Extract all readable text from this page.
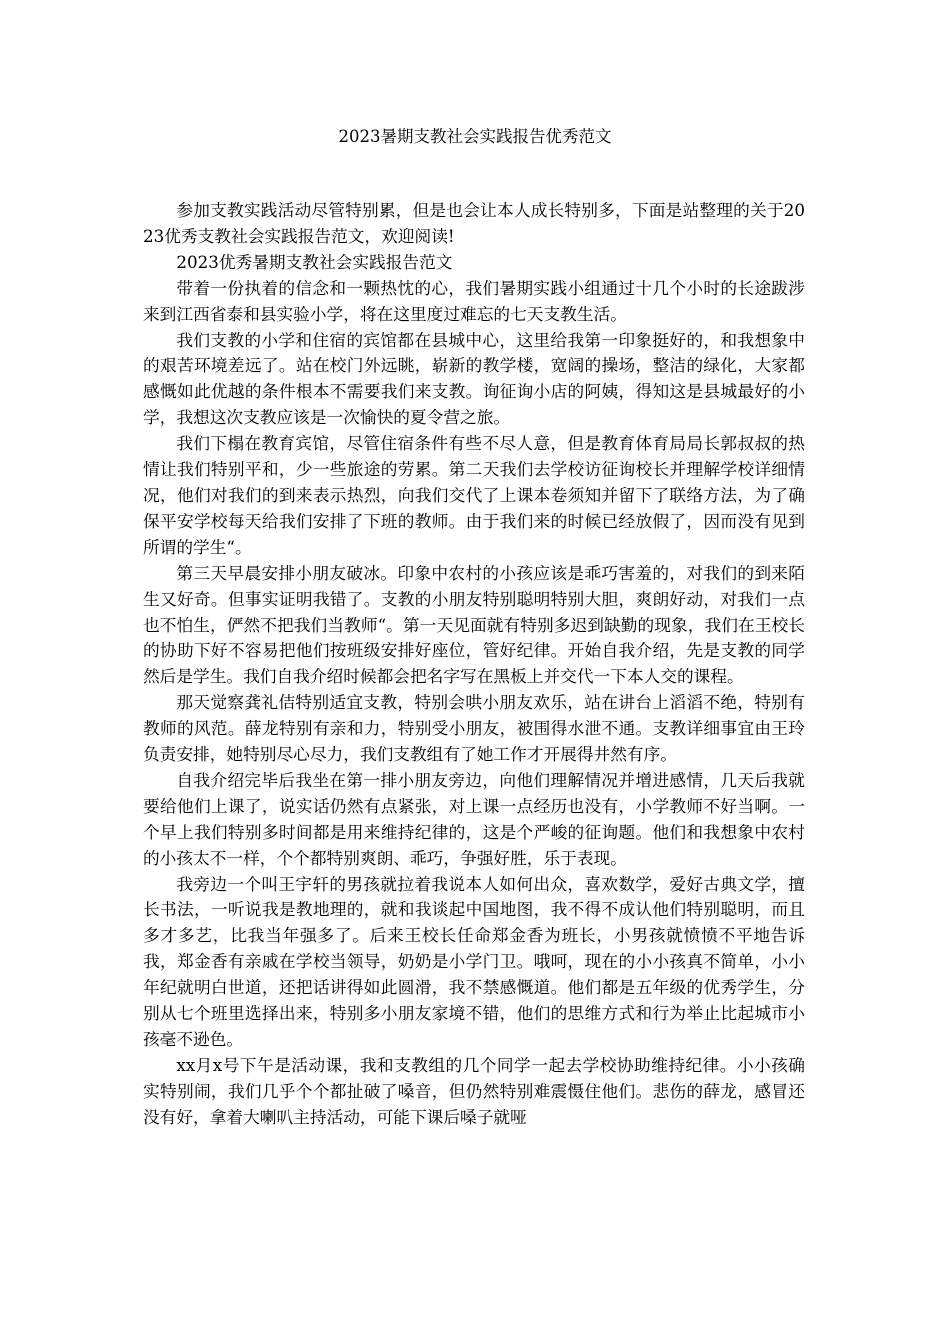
2023暑期支教社会实践报告优秀范文

参加支教实践活动尽管特别累，但是也会让本人成长特别多，下面是站整理的关于2023优秀支教社会实践报告范文，欢迎阅读!

2023优秀暑期支教社会实践报告范文

带着一份执着的信念和一颗热忱的心，我们暑期实践小组通过十几个小时的长途跋涉来到江西省泰和县实验小学，将在这里度过难忘的七天支教生活。

我们支教的小学和住宿的宾馆都在县城中心，这里给我第一印象挺好的，和我想象中的艰苦环境差远了。站在校门外远眺，崭新的教学楼，宽阔的操场，整洁的绿化，大家都感慨如此优越的条件根本不需要我们来支教。询征询小店的阿姨，得知这是县城最好的小学，我想这次支教应该是一次愉快的夏令营之旅。

我们下榻在教育宾馆，尽管住宿条件有些不尽人意，但是教育体育局局长郭叔叔的热情让我们特别平和，少一些旅途的劳累。第二天我们去学校访征询校长并理解学校详细情况，他们对我们的到来表示热烈，向我们交代了上课本卷须知并留下了联络方法，为了确保平安学校每天给我们安排了下班的教师。由于我们来的时候已经放假了，因而没有见到所谓的学生“。

第三天早晨安排小朋友破冰。印象中农村的小孩应该是乖巧害羞的，对我们的到来陌生又好奇。但事实证明我错了。支教的小朋友特别聪明特别大胆，爽朗好动，对我们一点也不怕生，俨然不把我们当教师“。第一天见面就有特别多迟到缺勤的现象，我们在王校长的协助下好不容易把他们按班级安排好座位，管好纪律。开始自我介绍，先是支教的同学然后是学生。我们自我介绍时候都会把名字写在黑板上并交代一下本人交的课程。

那天觉察龚礼佶特别适宜支教，特别会哄小朋友欢乐，站在讲台上滔滔不绝，特别有教师的风范。薛龙特别有亲和力，特别受小朋友，被围得水泄不通。支教详细事宜由王玲负责安排，她特别尽心尽力，我们支教组有了她工作才开展得井然有序。

自我介绍完毕后我坐在第一排小朋友旁边，向他们理解情况并增进感情，几天后我就要给他们上课了，说实话仍然有点紧张，对上课一点经历也没有，小学教师不好当啊。一个早上我们特别多时间都是用来维持纪律的，这是个严峻的征询题。他们和我想象中农村的小孩太不一样，个个都特别爽朗、乖巧，争强好胜，乐于表现。

我旁边一个叫王宇轩的男孩就拉着我说本人如何出众，喜欢数学，爱好古典文学，擅长书法，一听说我是教地理的，就和我谈起中国地图，我不得不成认他们特别聪明，而且多才多艺，比我当年强多了。后来王校长任命郑金香为班长，小男孩就愤愤不平地告诉我，郑金香有亲戚在学校当领导，奶奶是小学门卫。哦呵，现在的小小孩真不简单，小小年纪就明白世道，还把话讲得如此圆滑，我不禁感慨道。他们都是五年级的优秀学生，分别从七个班里选择出来，特别多小朋友家境不错，他们的思维方式和行为举止比起城市小孩毫不逊色。

xx月x号下午是活动课，我和支教组的几个同学一起去学校协助维持纪律。小小孩确实特别闹，我们几乎个个都扯破了嗓音，但仍然特别难震慑住他们。悲伤的薛龙，感冒还没有好，拿着大喇叭主持活动，可能下课后嗓子就哑
